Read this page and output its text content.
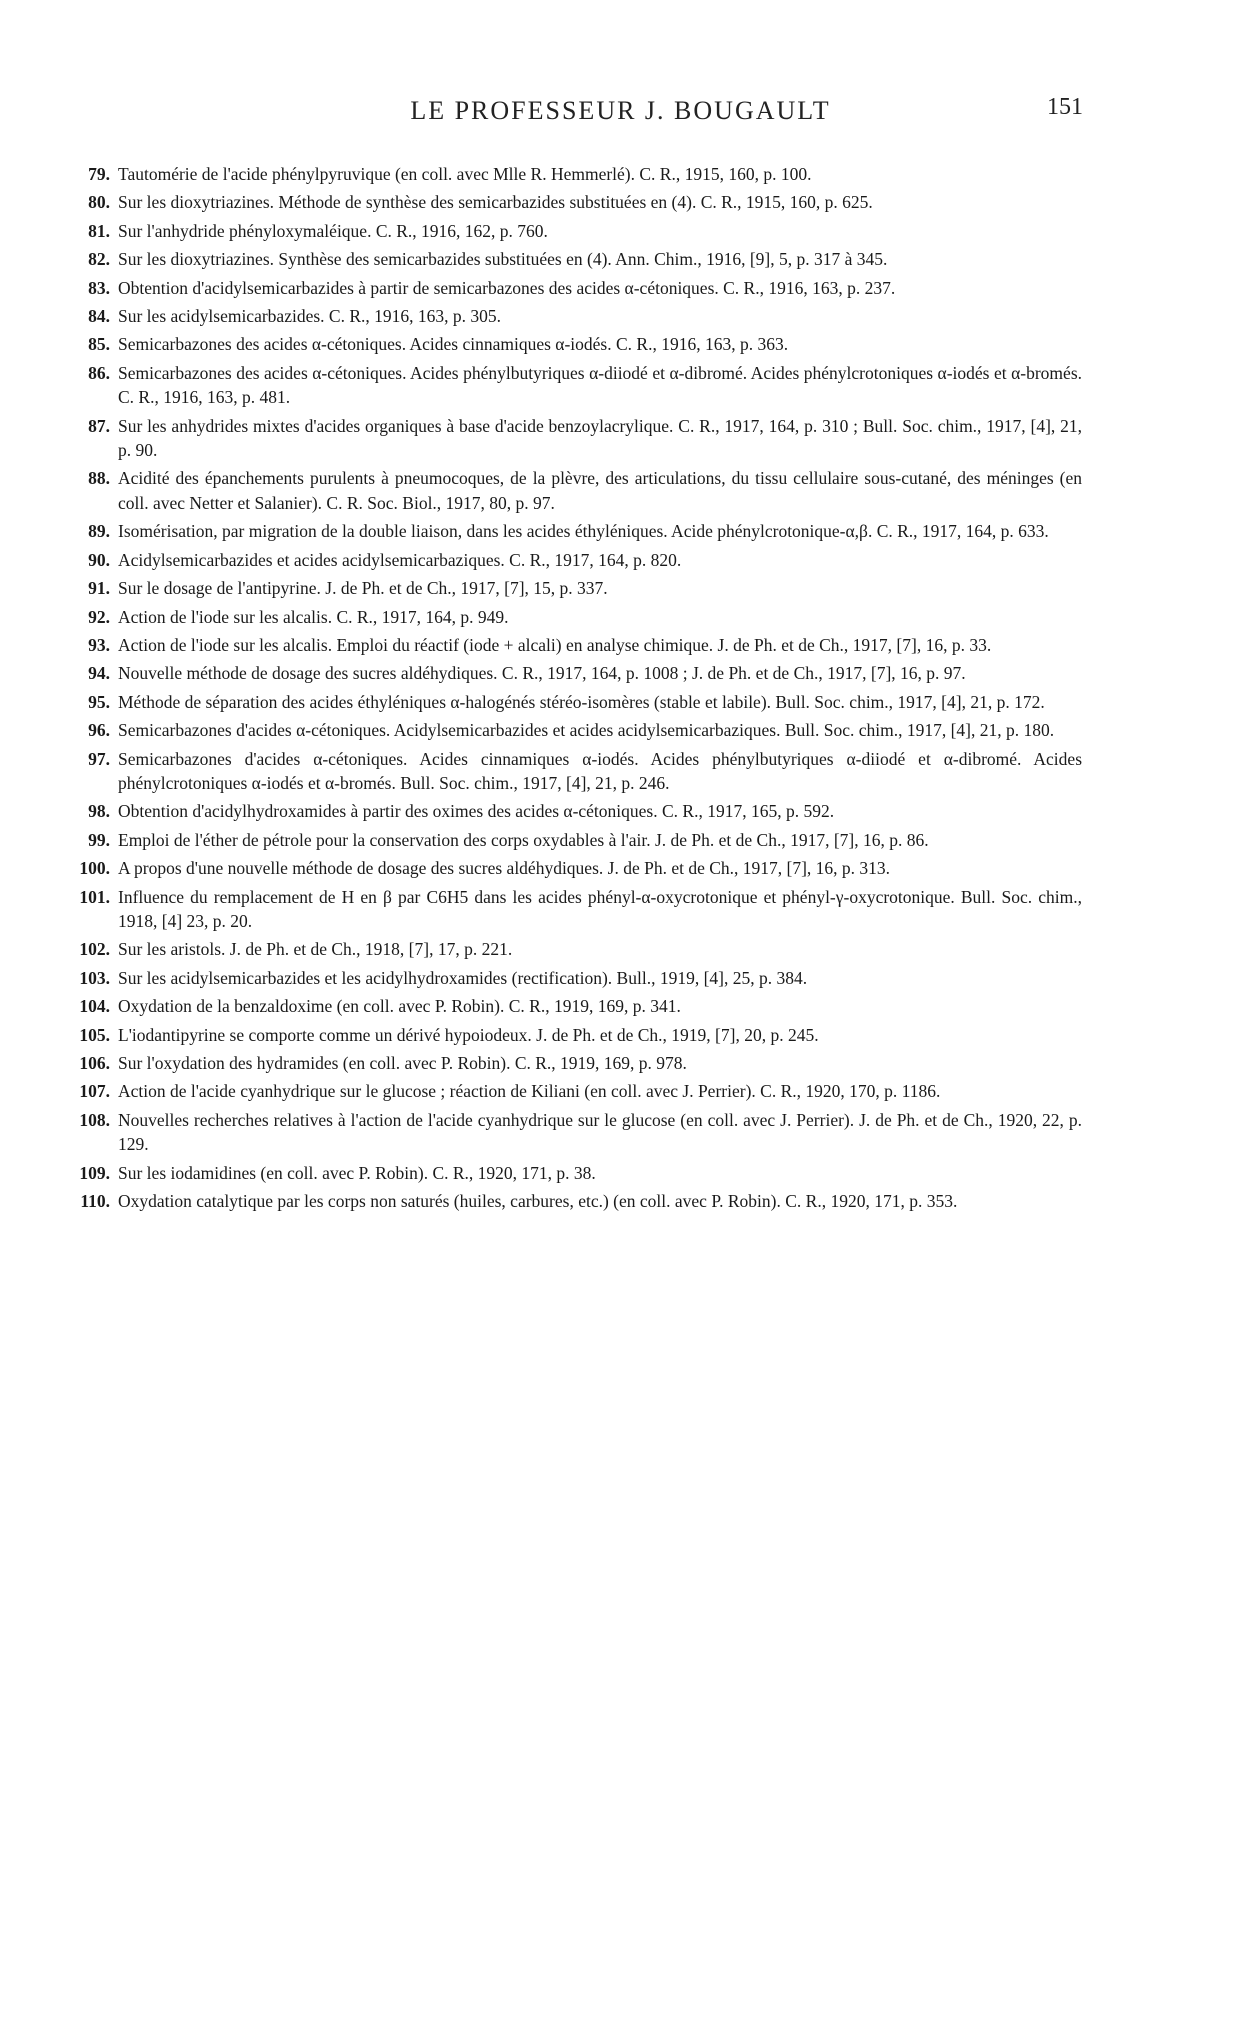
LE PROFESSEUR J. BOUGAULT	151
79. Tautomérie de l'acide phénylpyruvique (en coll. avec Mlle R. Hemmerlé). C. R., 1915, 160, p. 100.
80. Sur les dioxytriazines. Méthode de synthèse des semicarbazides substituées en (4). C. R., 1915, 160, p. 625.
81. Sur l'anhydride phényloxymaléique. C. R., 1916, 162, p. 760.
82. Sur les dioxytriazines. Synthèse des semicarbazides substituées en (4). Ann. Chim., 1916, [9], 5, p. 317 à 345.
83. Obtention d'acidylsemicarbazides à partir de semicarbazones des acides α-cétoniques. C. R., 1916, 163, p. 237.
84. Sur les acidylsemicarbazides. C. R., 1916, 163, p. 305.
85. Semicarbazones des acides α-cétoniques. Acides cinnamiques α-iodés. C. R., 1916, 163, p. 363.
86. Semicarbazones des acides α-cétoniques. Acides phénylbutyriques α-diiodé et α-dibromé. Acides phénylcrotoniques α-iodés et α-bromés. C. R., 1916, 163, p. 481.
87. Sur les anhydrides mixtes d'acides organiques à base d'acide benzoylacrylique. C. R., 1917, 164, p. 310 ; Bull. Soc. chim., 1917, [4], 21, p. 90.
88. Acidité des épanchements purulents à pneumocoques, de la plèvre, des articulations, du tissu cellulaire sous-cutané, des méninges (en coll. avec Netter et Salanier). C. R. Soc. Biol., 1917, 80, p. 97.
89. Isomérisation, par migration de la double liaison, dans les acides éthyléniques. Acide phénylcrotonique-α,β. C. R., 1917, 164, p. 633.
90. Acidylsemicarbazides et acides acidylsemicarbaziques. C. R., 1917, 164, p. 820.
91. Sur le dosage de l'antipyrine. J. de Ph. et de Ch., 1917, [7], 15, p. 337.
92. Action de l'iode sur les alcalis. C. R., 1917, 164, p. 949.
93. Action de l'iode sur les alcalis. Emploi du réactif (iode + alcali) en analyse chimique. J. de Ph. et de Ch., 1917, [7], 16, p. 33.
94. Nouvelle méthode de dosage des sucres aldéhydiques. C. R., 1917, 164, p. 1008 ; J. de Ph. et de Ch., 1917, [7], 16, p. 97.
95. Méthode de séparation des acides éthyléniques α-halogénés stéréo-isomères (stable et labile). Bull. Soc. chim., 1917, [4], 21, p. 172.
96. Semicarbazones d'acides α-cétoniques. Acidylsemicarbazides et acides acidylsemicarbaziques. Bull. Soc. chim., 1917, [4], 21, p. 180.
97. Semicarbazones d'acides α-cétoniques. Acides cinnamiques α-iodés. Acides phénylbutyriques α-diiodé et α-dibromé. Acides phénylcrotoniques α-iodés et α-bromés. Bull. Soc. chim., 1917, [4], 21, p. 246.
98. Obtention d'acidylhydroxamides à partir des oximes des acides α-cétoniques. C. R., 1917, 165, p. 592.
99. Emploi de l'éther de pétrole pour la conservation des corps oxydables à l'air. J. de Ph. et de Ch., 1917, [7], 16, p. 86.
100. A propos d'une nouvelle méthode de dosage des sucres aldéhydiques. J. de Ph. et de Ch., 1917, [7], 16, p. 313.
101. Influence du remplacement de H en β par C6H5 dans les acides phényl-α-oxycrotonique et phényl-γ-oxycrotonique. Bull. Soc. chim., 1918, [4] 23, p. 20.
102. Sur les aristols. J. de Ph. et de Ch., 1918, [7], 17, p. 221.
103. Sur les acidylsemicarbazides et les acidylhydroxamides (rectification). Bull., 1919, [4], 25, p. 384.
104. Oxydation de la benzaldoxime (en coll. avec P. Robin). C. R., 1919, 169, p. 341.
105. L'iodantipyrine se comporte comme un dérivé hypoiodeux. J. de Ph. et de Ch., 1919, [7], 20, p. 245.
106. Sur l'oxydation des hydramides (en coll. avec P. Robin). C. R., 1919, 169, p. 978.
107. Action de l'acide cyanhydrique sur le glucose ; réaction de Kiliani (en coll. avec J. Perrier). C. R., 1920, 170, p. 1186.
108. Nouvelles recherches relatives à l'action de l'acide cyanhydrique sur le glucose (en coll. avec J. Perrier). J. de Ph. et de Ch., 1920, 22, p. 129.
109. Sur les iodamidines (en coll. avec P. Robin). C. R., 1920, 171, p. 38.
110. Oxydation catalytique par les corps non saturés (huiles, carbures, etc.) (en coll. avec P. Robin). C. R., 1920, 171, p. 353.
